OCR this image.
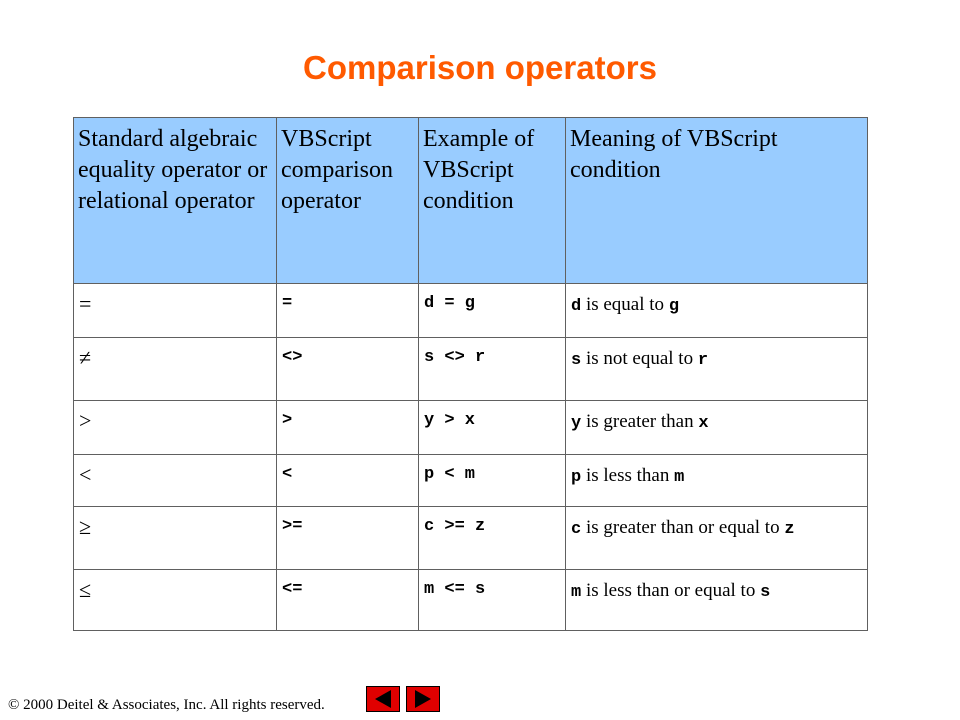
Comparison operators
Standard algebraic equality operator or relational operator	VBScript comparison operator	Example of VBScript condition	Meaning of VBScript condition
=	=	d = g	d is equal to g
≠	<>	s <> r	s is not equal to r
>	>	y > x	y is greater than x
<	<	p < m	p is less than m
≥	>=	c >= z	c is greater than or equal to z
≤	<=	m <= s	m is less than or equal to s
© 2000 Deitel & Associates, Inc. All rights reserved.
